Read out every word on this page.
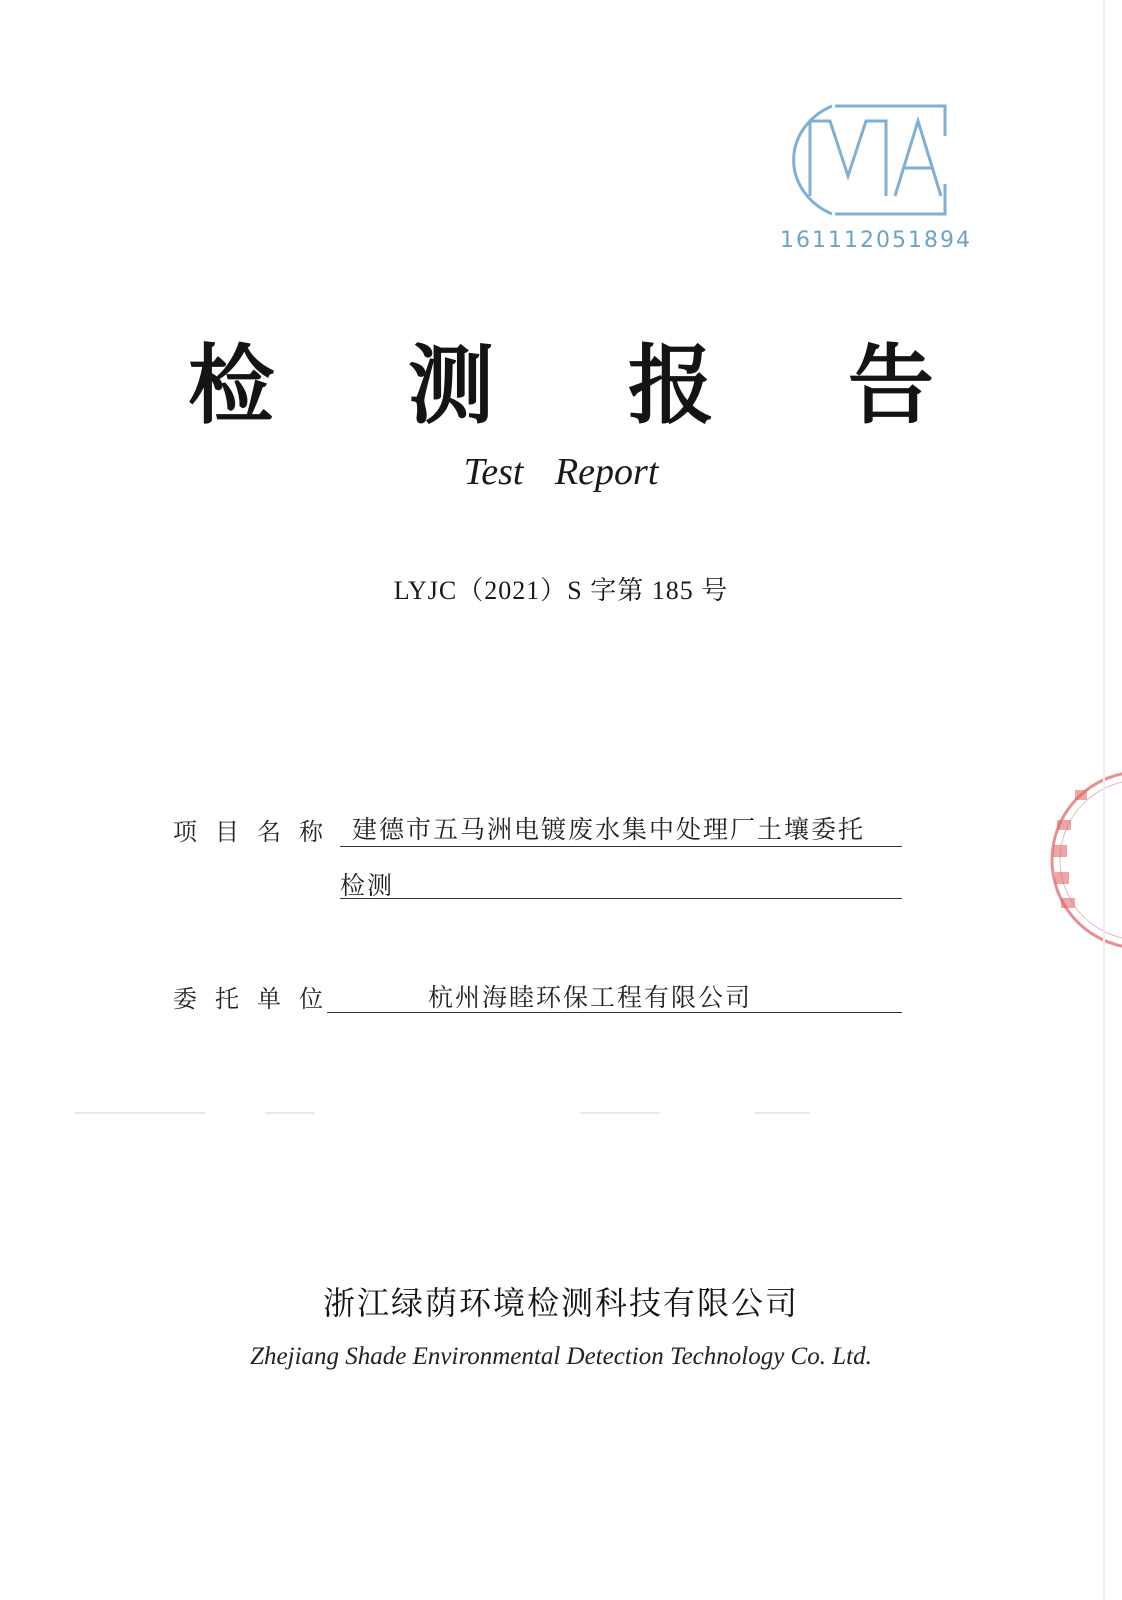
161112051894
检 测 报 告
Test Report
LYJC（2021）S 字第 185 号
项目名称 建德市五马洲电镀废水集中处理厂土壤委托
检测
委托单位	杭州海睦环保工程有限公司
浙江绿荫环境检测科技有限公司
Zhejiang Shade Environmental Detection Technology Co. Ltd.
